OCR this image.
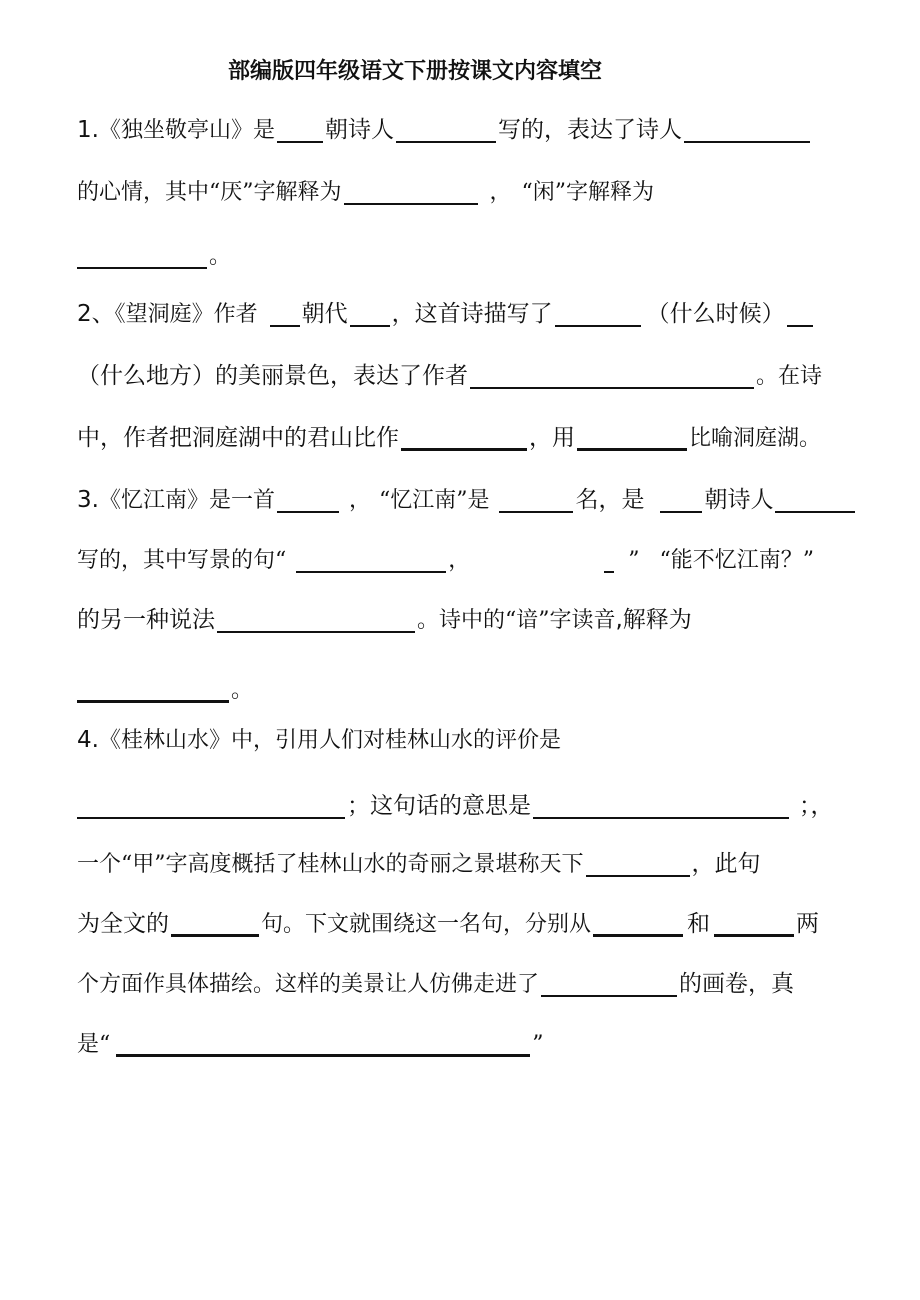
部编版四年级语文下册按课文内容填空
1.《独坐敬亭山》是 朝诗人	写的，表达了诗人
的心情，其中“厌”字解释为	， “闲”字解释为
。
2、《望洞庭》作者 朝代 ，这首诗描写了	（什么时候）
（什么地方）的美丽景色，表达了作者	。在诗
中，作者把洞庭湖中的君山比作	，用	比喻洞庭湖。
3.《忆江南》是一首	， “忆江南”是	名，是	朝诗人
写的，其中写景的句“	，	” “能不忆江南？”
的另一种说法	。诗中的“谙”字读音,解释为
。
4.《桂林山水》中，引用人们对桂林山水的评价是
；这句话的意思是	；，
一个“甲”字高度概括了桂林山水的奇丽之景堪称天下	，此句
为全文的	句。下文就围绕这一名句，分别从	和	两
个方面作具体描绘。这样的美景让人仿佛走进了	的画卷，真
是“	”
